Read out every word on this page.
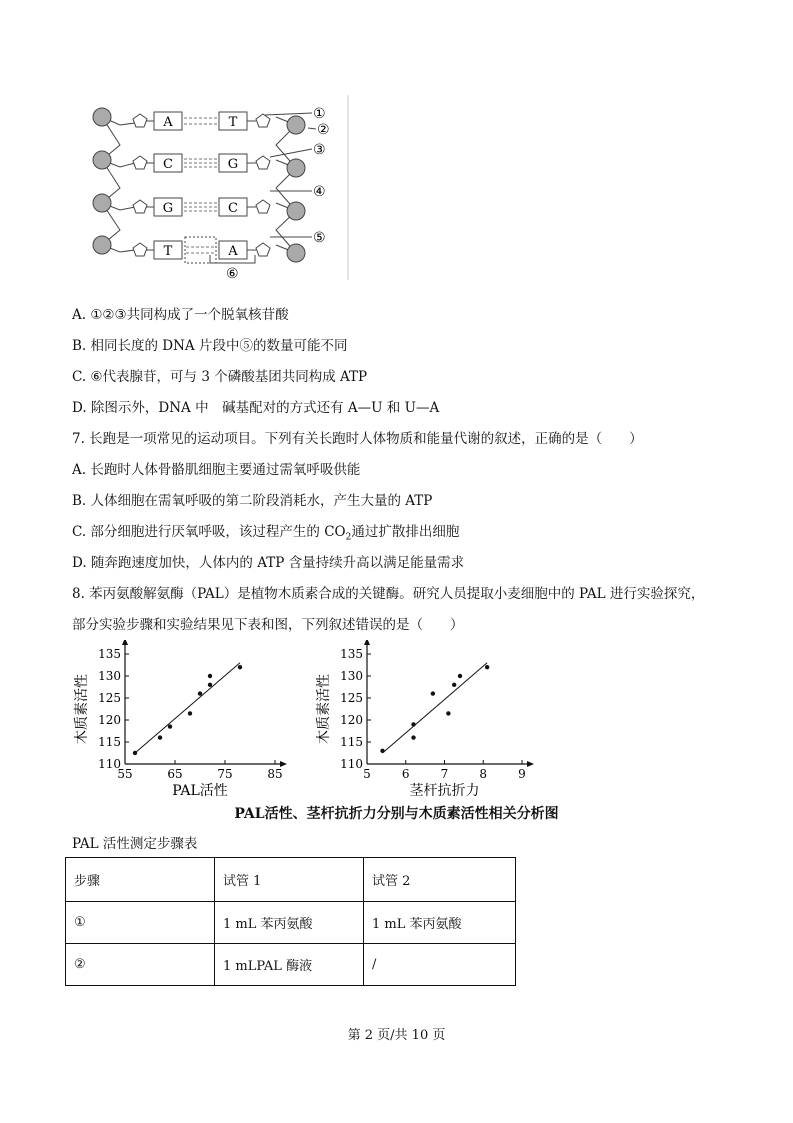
A	T
C	G
G	C
T	A
①
②
③
④
⑤
⑥
A. ①②③共同构成了一个脱氧核苷酸
B. 相同长度的 DNA 片段中⑤的数量可能不同
C. ⑥代表腺苷，可与 3 个磷酸基团共同构成 ATP
D. 除图示外，DNA 中　碱基配对的方式还有 A—U 和 U—A
7. 长跑是一项常见的运动项目。下列有关长跑时人体物质和能量代谢的叙述，正确的是（　　）
A. 长跑时人体骨骼肌细胞主要通过需氧呼吸供能
B. 人体细胞在需氧呼吸的第二阶段消耗水，产生大量的 ATP
C. 部分细胞进行厌氧呼吸，该过程产生的 $CO_2$通过扩散排出细胞
D. 随奔跑速度加快，人体内的 ATP 含量持续升高以满足能量需求
8. 苯丙氨酸解氨酶（PAL）是植物木质素合成的关键酶。研究人员提取小麦细胞中的 PAL 进行实验探究，
部分实验步骤和实验结果见下表和图，下列叙述错误的是（　　）
55	65	75	85
110
115
120
125
130
135
PAL活性
木质素活性
5	6	7	8	9
110
115
120
125
130
135
茎杆抗折力
木质素活性
PAL活性、茎杆抗折力分别与木质素活性相关分析图
PAL 活性测定步骤表
步骤	试管 1	试管 2
①	1 mL 苯丙氨酸	1 mL 苯丙氨酸
②	1 mLPAL 酶液	/
第 2 页/共 10 页
